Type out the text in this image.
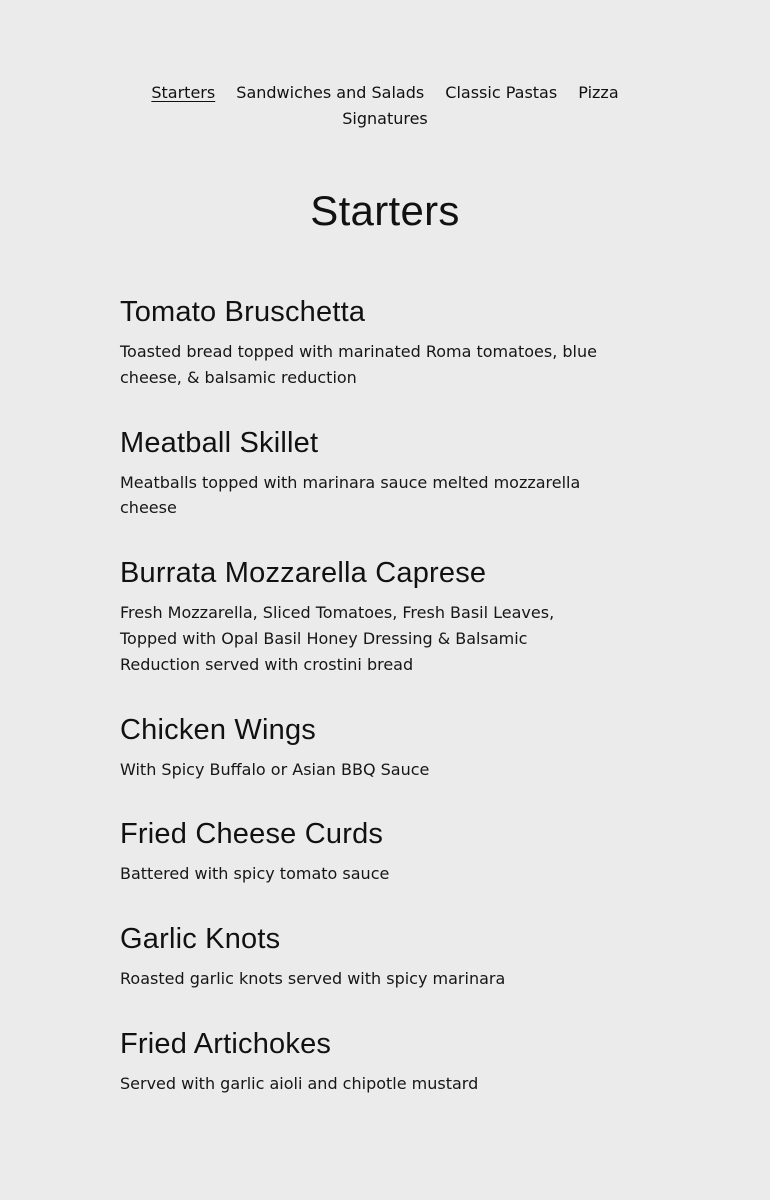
Starters Sandwiches and Salads Classic Pastas Pizza
Signatures
Starters
Tomato Bruschetta

Toasted bread topped with marinated Roma tomatoes, blue cheese, & balsamic reduction

Meatball Skillet

Meatballs topped with marinara sauce melted mozzarella cheese

Burrata Mozzarella Caprese

Fresh Mozzarella, Sliced Tomatoes, Fresh Basil Leaves, Topped with Opal Basil Honey Dressing & Balsamic Reduction served with crostini bread

Chicken Wings

With Spicy Buffalo or Asian BBQ Sauce

Fried Cheese Curds

Battered with spicy tomato sauce

Garlic Knots

Roasted garlic knots served with spicy marinara

Fried Artichokes

Served with garlic aioli and chipotle mustard
